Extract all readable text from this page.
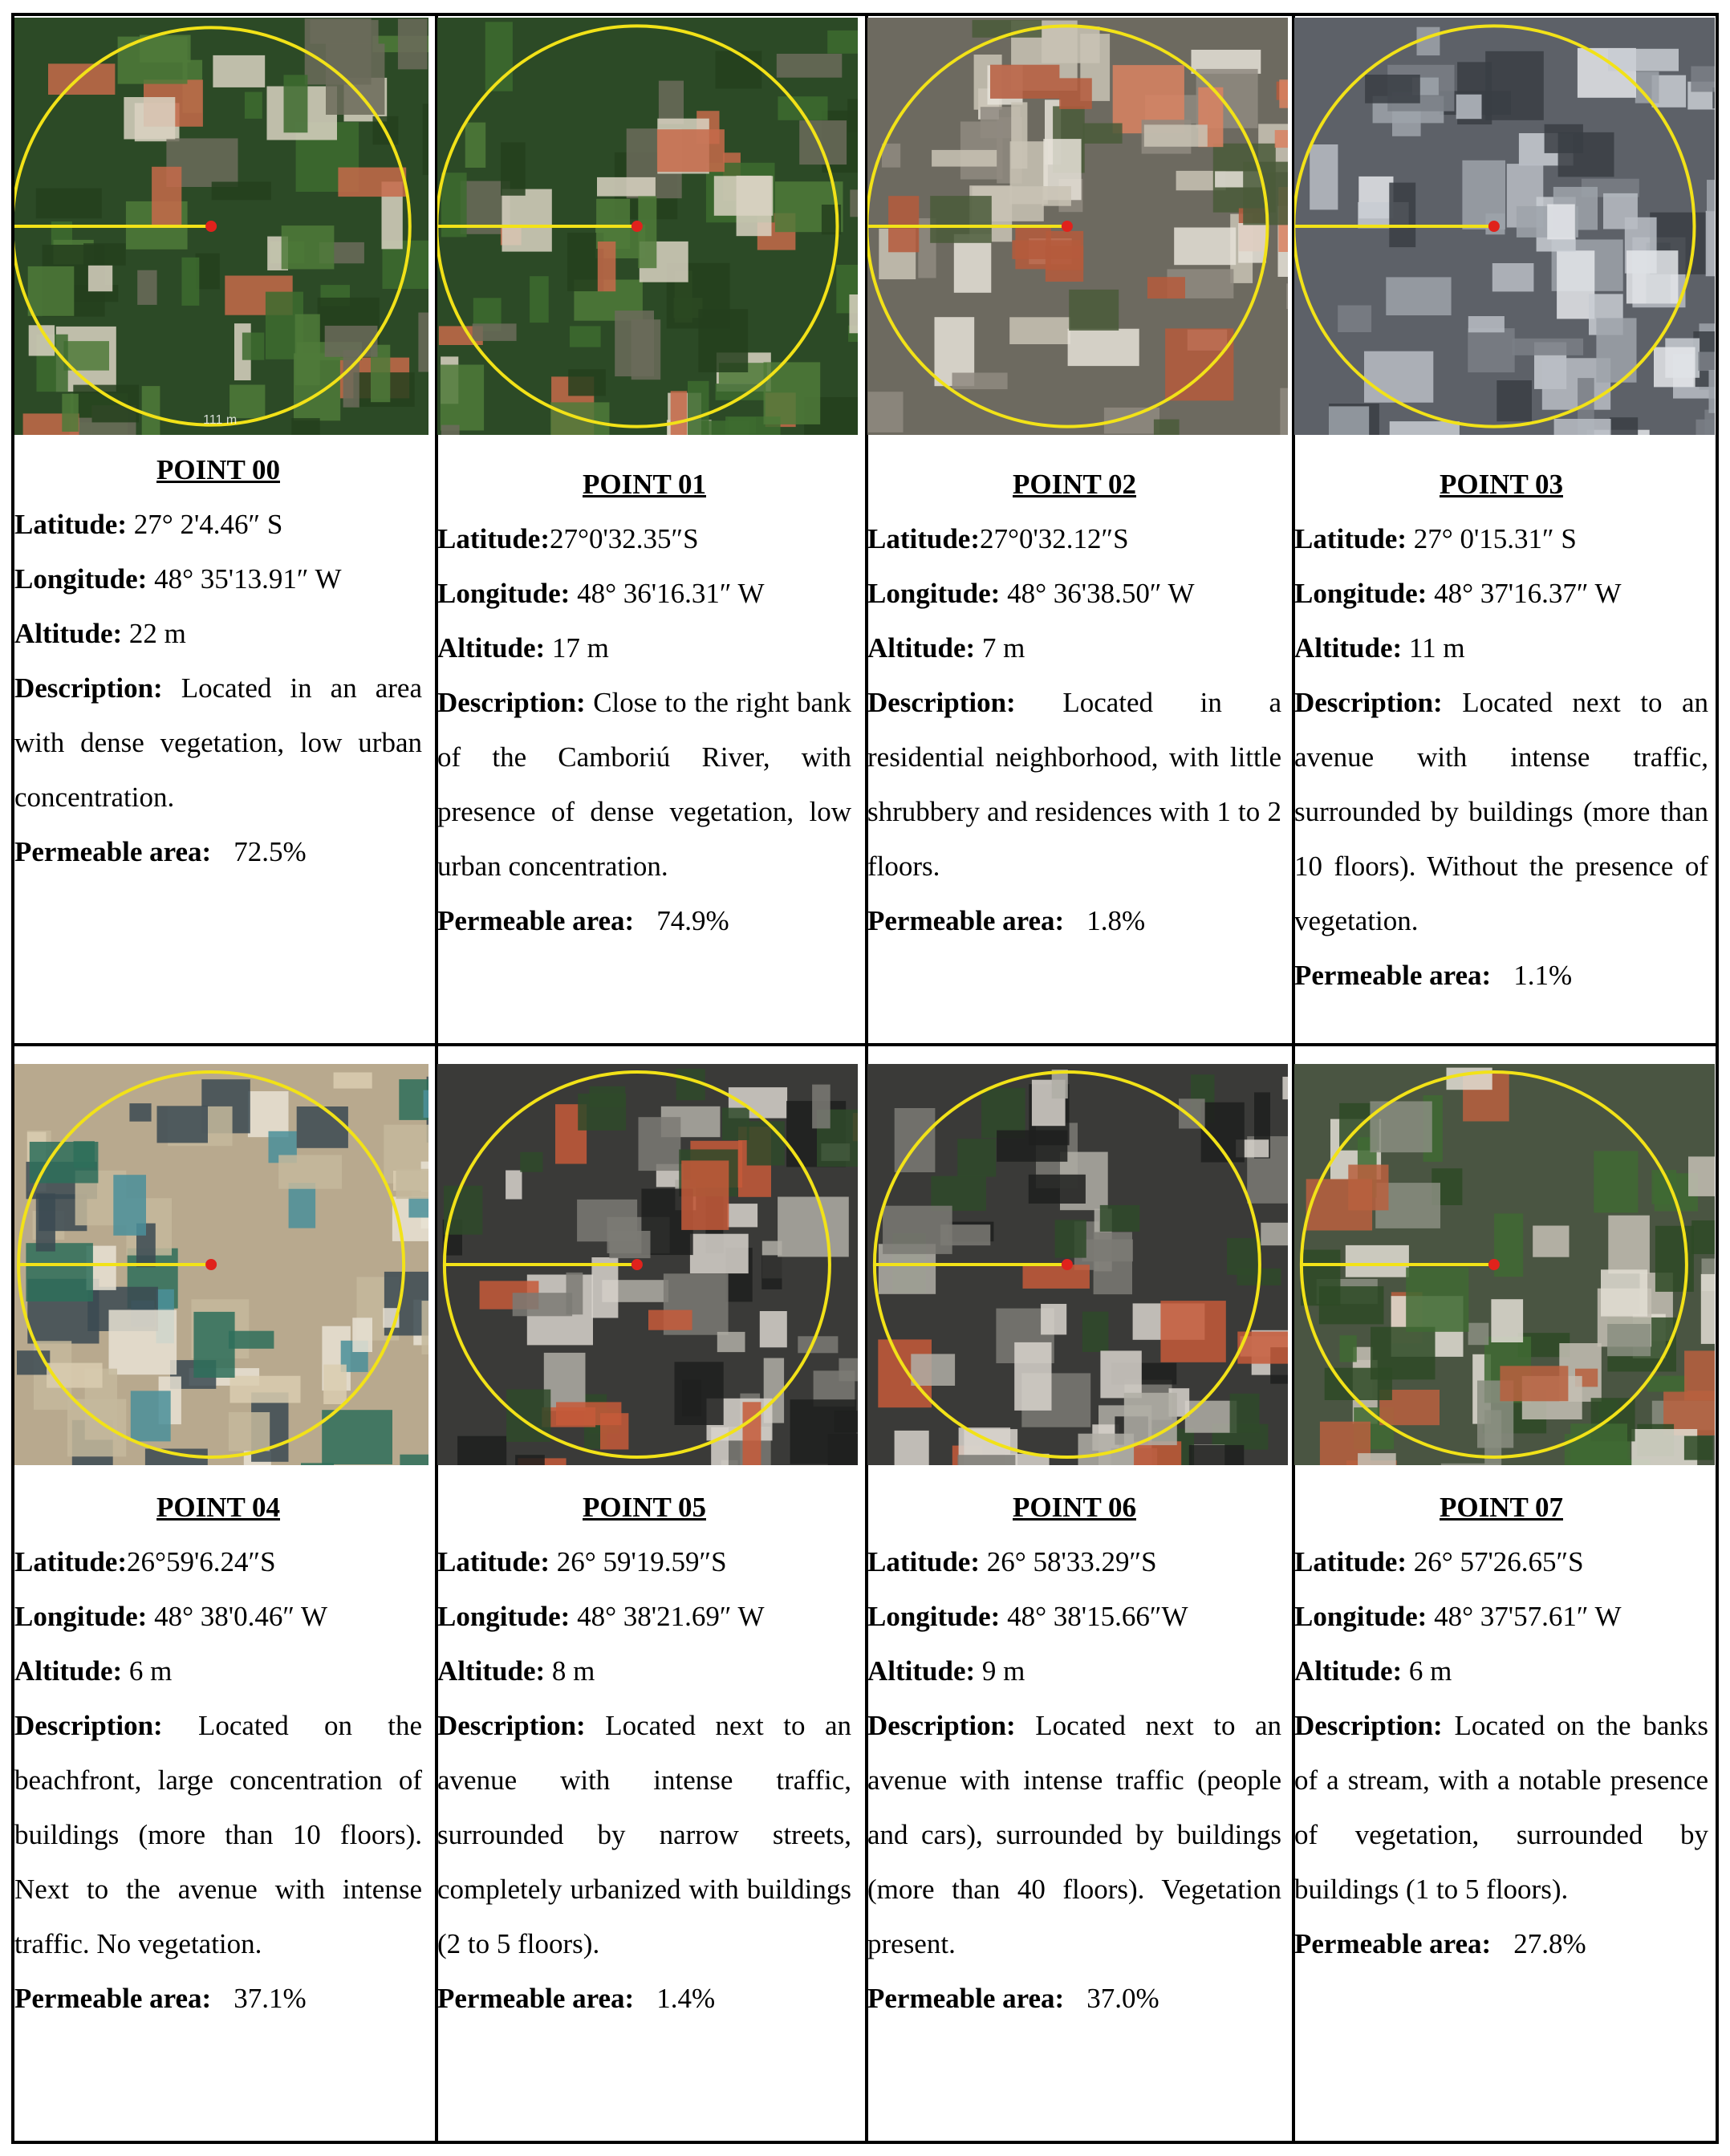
111 m

POINT 00

Latitude: 27° 2'4.46″ S

Longitude: 48° 35'13.91″ W

Altitude: 22 m

Description: Located in an area with dense vegetation, low urban concentration.

Permeable area: 72.5%

POINT 01

Latitude:27°0'32.35″S

Longitude: 48° 36'16.31″ W

Altitude: 17 m

Description: Close to the right bank of the Camboriú River, with presence of dense vegetation, low urban concentration.

Permeable area: 74.9%

POINT 02

Latitude:27°0'32.12″S

Longitude: 48° 36'38.50″ W

Altitude: 7 m

Description: Located in a residential neighborhood, with little shrubbery and residences with 1 to 2 floors.

Permeable area: 1.8%

POINT 03

Latitude: 27° 0'15.31″ S

Longitude: 48° 37'16.37″ W

Altitude: 11 m

Description: Located next to an avenue with intense traffic, surrounded by buildings (more than 10 floors). Without the presence of vegetation.

Permeable area: 1.1%

POINT 04

Latitude:26°59'6.24″S

Longitude: 48° 38'0.46″ W

Altitude: 6 m

Description: Located on the beachfront, large concentration of buildings (more than 10 floors). Next to the avenue with intense traffic. No vegetation.

Permeable area: 37.1%

POINT 05

Latitude: 26° 59'19.59″S

Longitude: 48° 38'21.69″ W

Altitude: 8 m

Description: Located next to an avenue with intense traffic, surrounded by narrow streets, completely urbanized with buildings (2 to 5 floors).

Permeable area: 1.4%

POINT 06

Latitude: 26° 58'33.29″S

Longitude: 48° 38'15.66″W

Altitude: 9 m

Description: Located next to an avenue with intense traffic (people and cars), surrounded by buildings (more than 40 floors). Vegetation present.

Permeable area: 37.0%

POINT 07

Latitude: 26° 57'26.65″S

Longitude: 48° 37'57.61″ W

Altitude: 6 m

Description: Located on the banks of a stream, with a notable presence of vegetation, surrounded by buildings (1 to 5 floors).

Permeable area: 27.8%
